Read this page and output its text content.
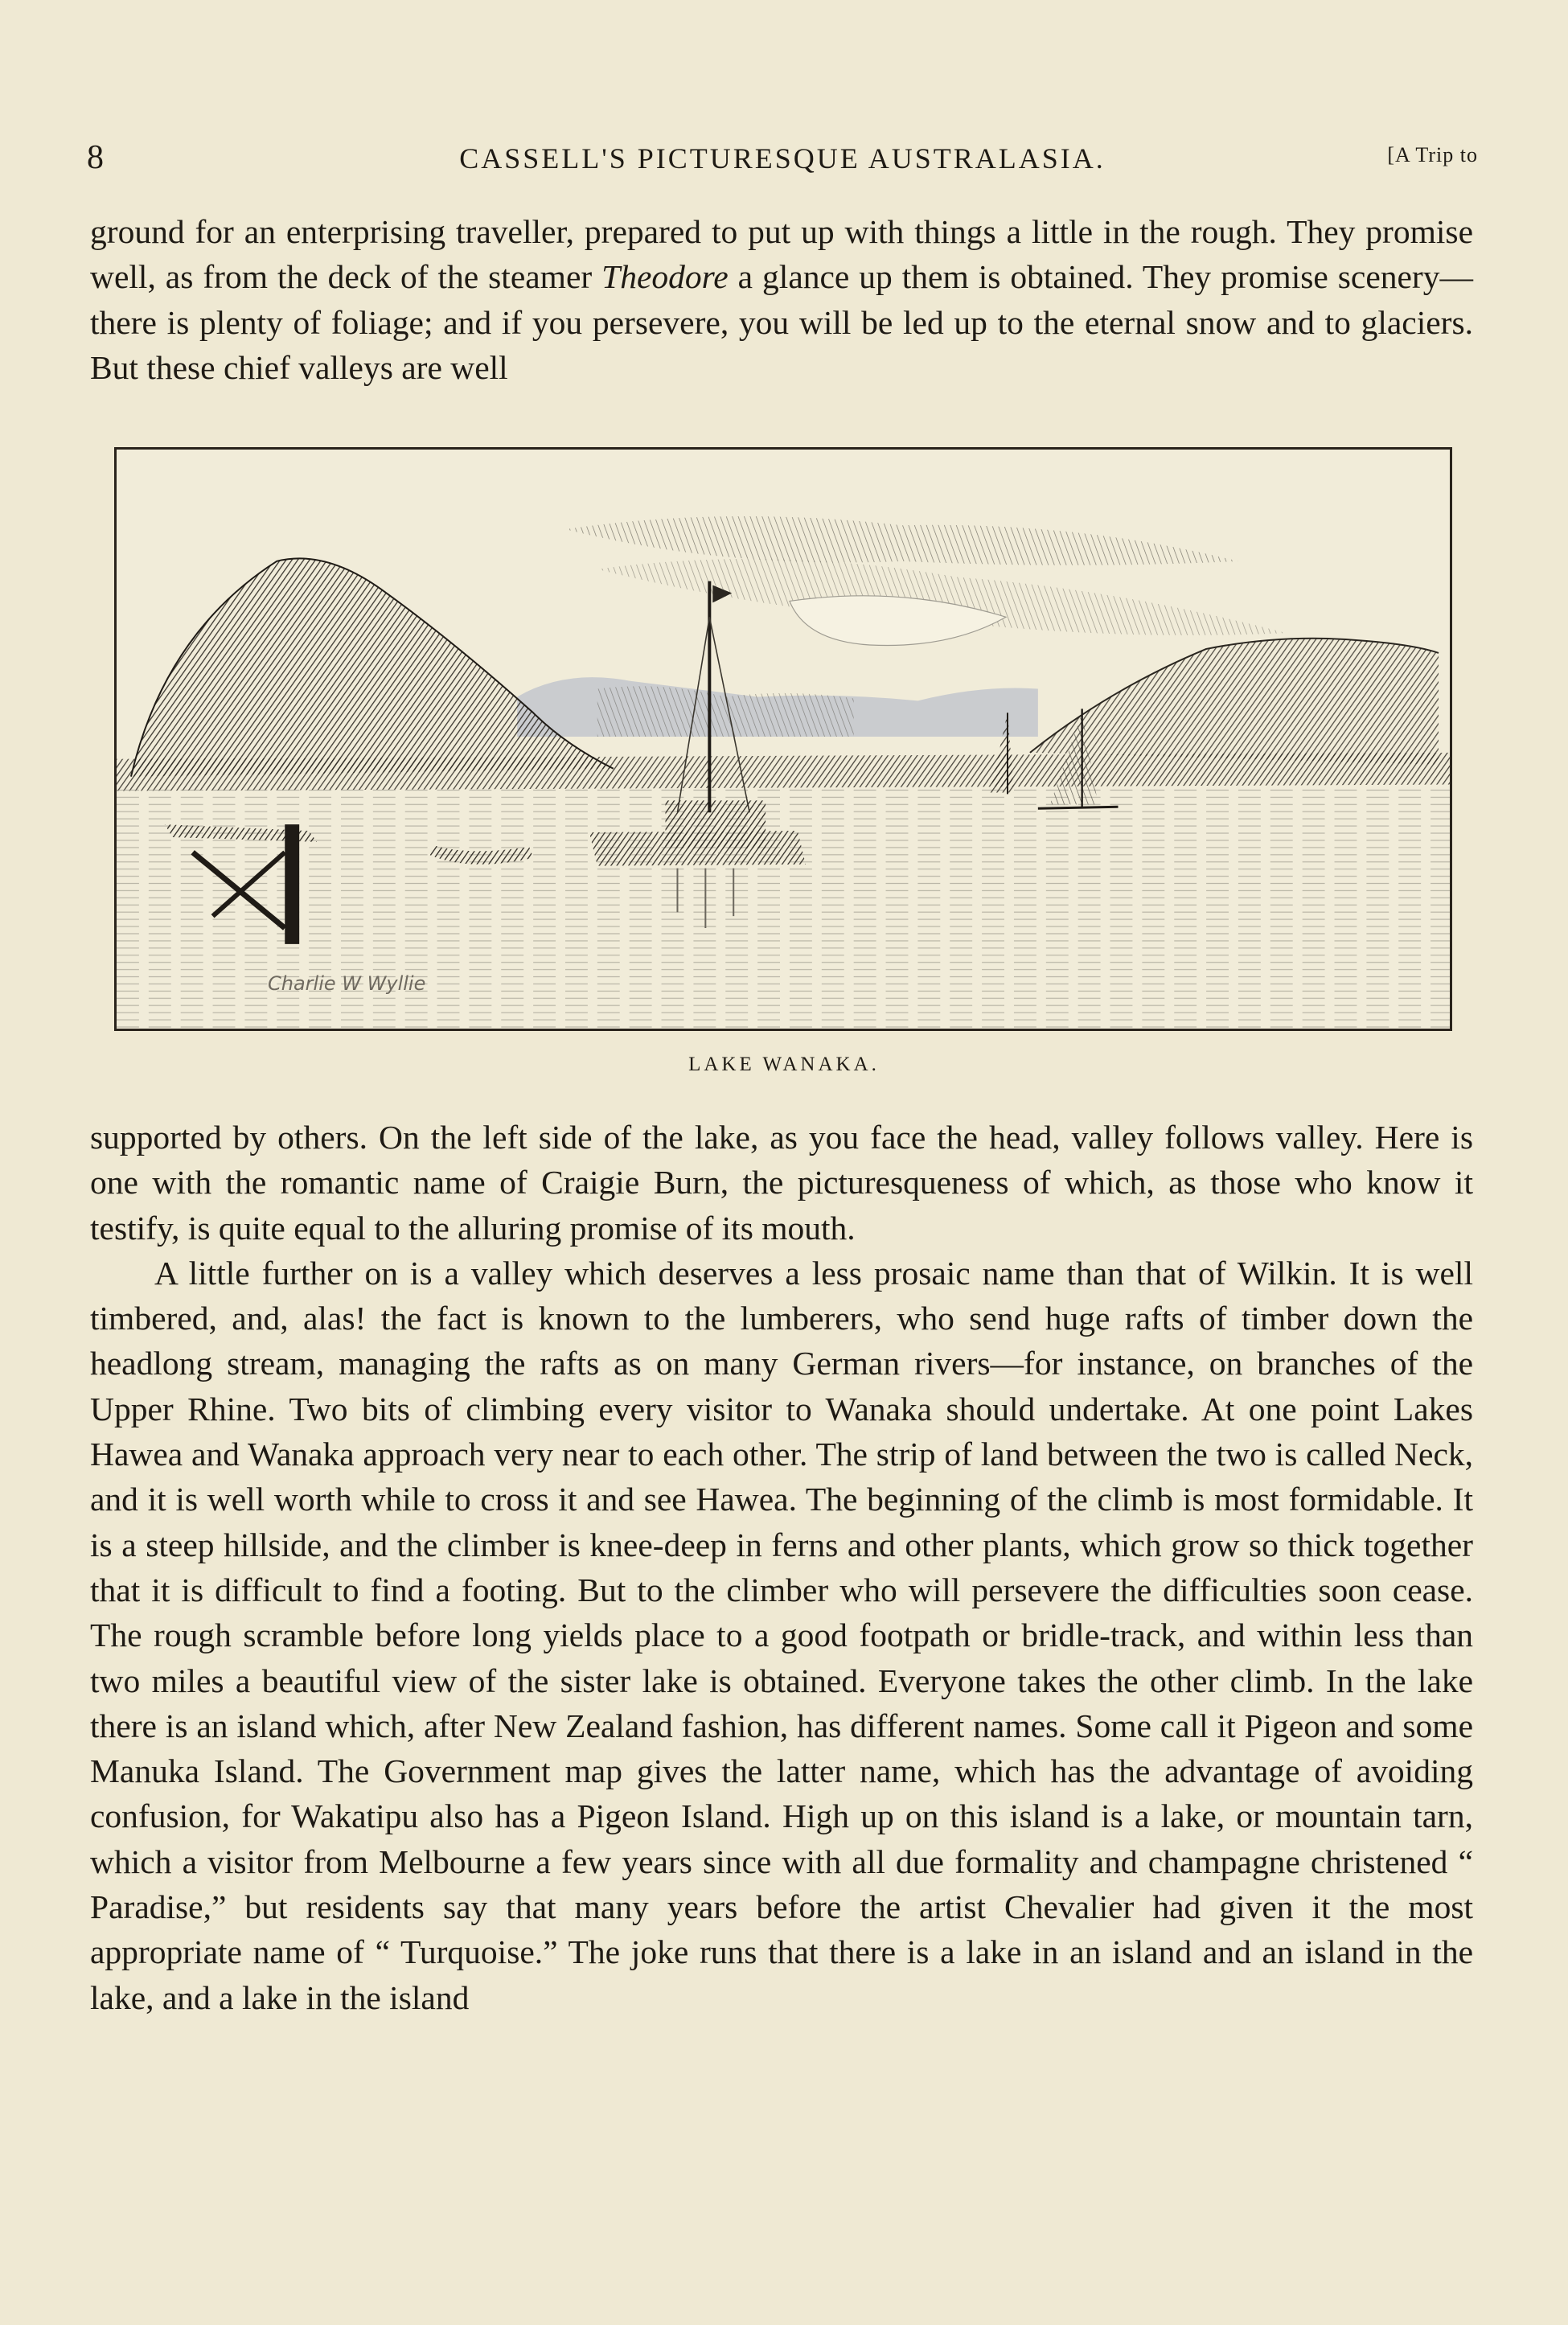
8	CASSELL'S PICTURESQUE AUSTRALASIA.	[A Trip to

ground for an enterprising traveller, prepared to put up with things a little in the rough. They promise well, as from the deck of the steamer Theodore a glance up them is obtained. They promise scenery—there is plenty of foliage; and if you persevere, you will be led up to the eternal snow and to glaciers. But these chief valleys are well

Charlie W Wyllie
LAKE WANAKA.

supported by others. On the left side of the lake, as you face the head, valley follows valley. Here is one with the romantic name of Craigie Burn, the picturesqueness of which, as those who know it testify, is quite equal to the alluring promise of its mouth.

A little further on is a valley which deserves a less prosaic name than that of Wilkin. It is well timbered, and, alas! the fact is known to the lumberers, who send huge rafts of timber down the headlong stream, managing the rafts as on many German rivers—for instance, on branches of the Upper Rhine. Two bits of climbing every visitor to Wanaka should undertake. At one point Lakes Hawea and Wanaka approach very near to each other. The strip of land between the two is called Neck, and it is well worth while to cross it and see Hawea. The beginning of the climb is most formidable. It is a steep hillside, and the climber is knee-deep in ferns and other plants, which grow so thick together that it is difficult to find a footing. But to the climber who will persevere the difficulties soon cease. The rough scramble before long yields place to a good footpath or bridle-track, and within less than two miles a beautiful view of the sister lake is obtained. Everyone takes the other climb. In the lake there is an island which, after New Zealand fashion, has different names. Some call it Pigeon and some Manuka Island. The Government map gives the latter name, which has the advantage of avoiding confusion, for Wakatipu also has a Pigeon Island. High up on this island is a lake, or mountain tarn, which a visitor from Melbourne a few years since with all due formality and champagne christened “ Paradise,” but residents say that many years before the artist Chevalier had given it the most appropriate name of “ Turquoise.” The joke runs that there is a lake in an island and an island in the lake, and a lake in the island
